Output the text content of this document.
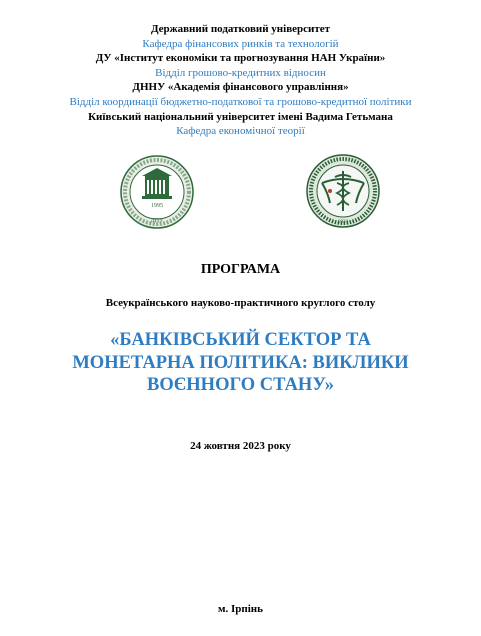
Державний податковий університет
Кафедра фінансових ринків та технологій
ДУ «Інститут економіки та прогнозування НАН України»
Відділ грошово-кредитних відносин
ДННУ «Академія фінансового управління»
Відділ координації бюджетно-податкової та грошово-кредитної політики
Київський національний університет імені Вадима Гетьмана
Кафедра економічної теорії
1995
ДПУ	1921
ПРОГРАМА
Всеукраїнського науково-практичного круглого столу
«БАНКІВСЬКИЙ СЕКТОР ТА
МОНЕТАРНА ПОЛІТИКА: ВИКЛИКИ
ВОЄННОГО СТАНУ»
24 жовтня 2023 року
м. Ірпінь
